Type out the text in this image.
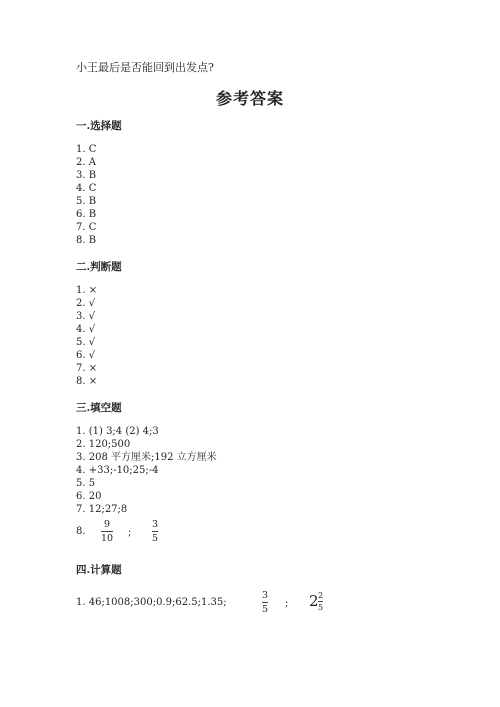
小王最后是否能回到出发点?
参考答案
一.选择题
1. C
2. A
3. B
4. C
5. B
6. B
7. C
8. B
二.判断题
1. ×
2. √
3. √
4. √
5. √
6. √
7. ×
8. ×
三.填空题
1. (1) 3;4 (2) 4;3
2. 120;500
3. 208 平方厘米;192 立方厘米
4. +33;-10;25;-4
5. 5
6. 20
7. 12;27;8
8.
9
10
;
3
5
四.计算题
1. 46;1008;300;0.9;62.5;1.35;
3
5
; 2 2
5
